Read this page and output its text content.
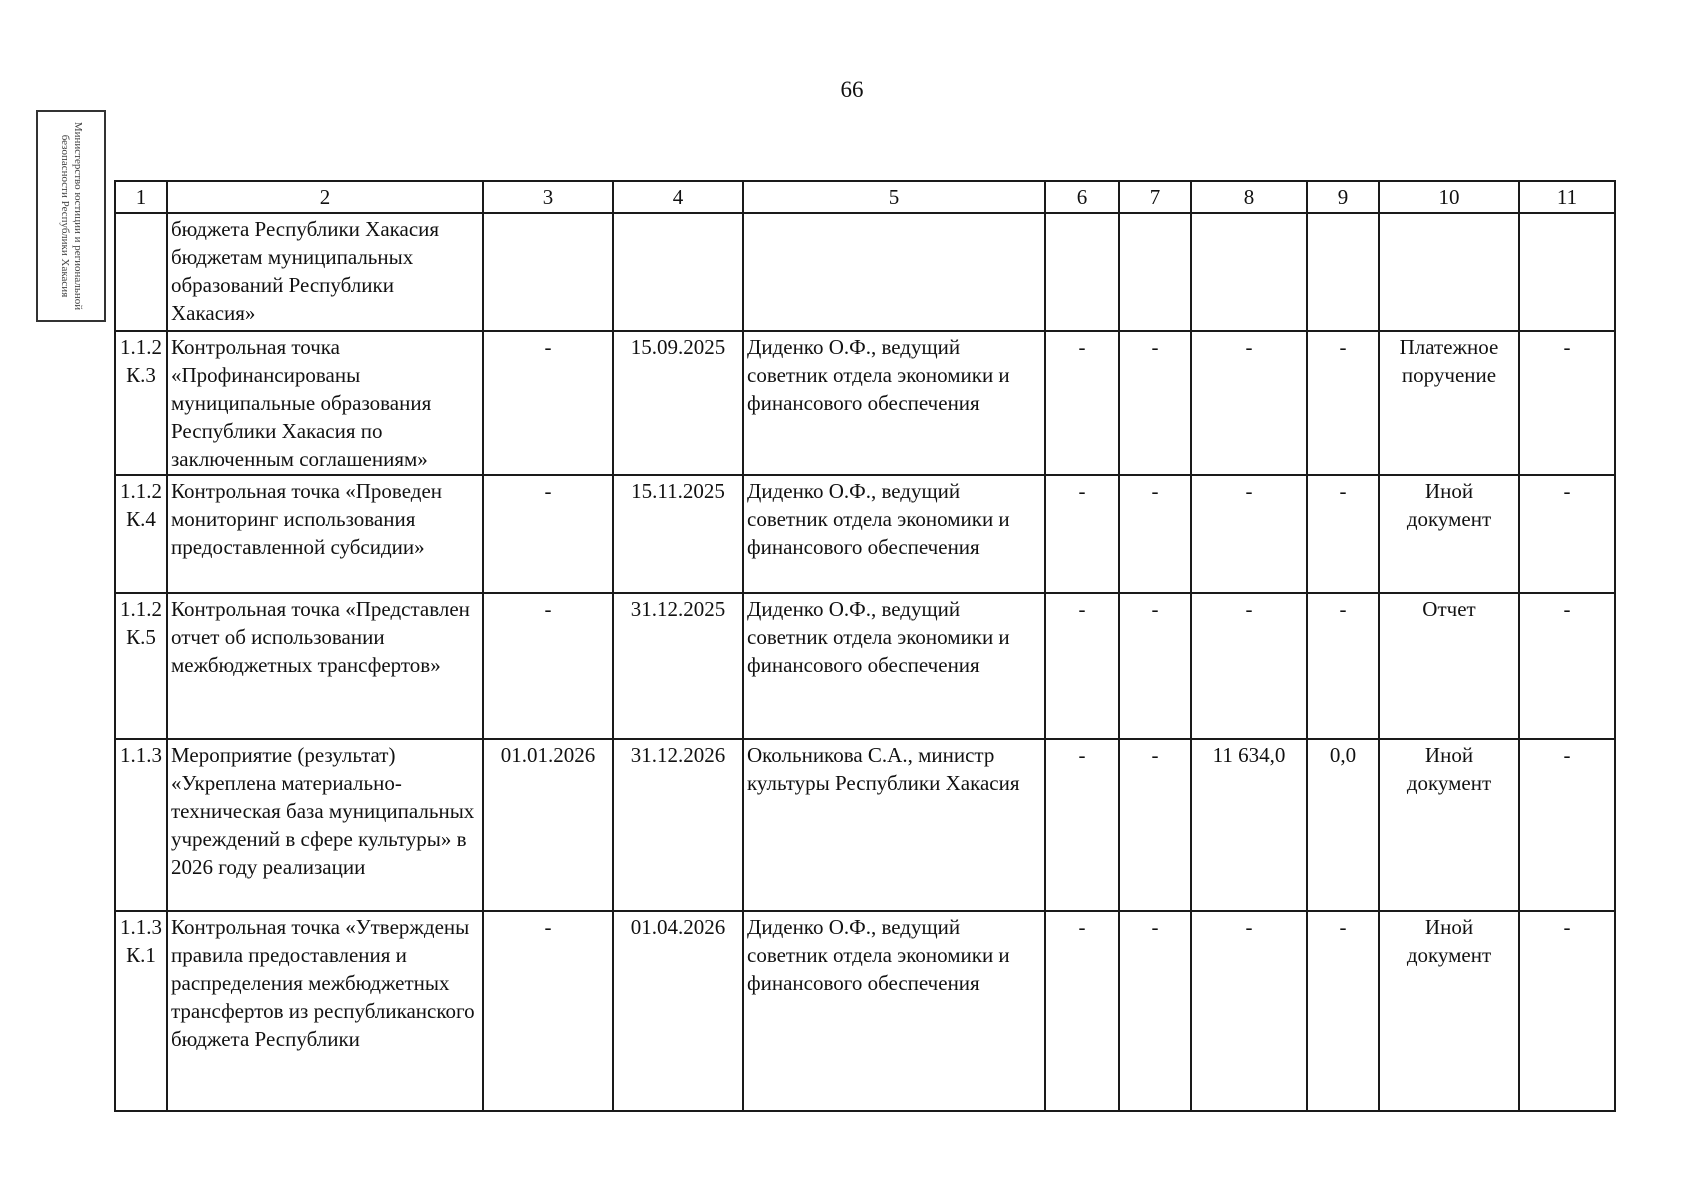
66
Министерство юстиции и региональной безопасности Республики Хакасия	1	2	3	4	5	6	7	8	9	10	11
	бюджета Республики Хакасия бюджетам муниципальных образований Республики Хакасия»									
1.1.2 К.3	Контрольная точка «Профинансированы муниципальные образования Республики Хакасия по заключенным соглашениям»	-	15.09.2025	Диденко О.Ф., ведущий советник отдела экономики и финансового обеспечения	-	-	-	-	Платежное поручение	-
1.1.2 К.4	Контрольная точка «Проведен мониторинг использования предоставленной субсидии»	-	15.11.2025	Диденко О.Ф., ведущий советник отдела экономики и финансового обеспечения	-	-	-	-	Иной документ	-
1.1.2 К.5	Контрольная точка «Представлен отчет об использовании межбюджетных трансфертов»	-	31.12.2025	Диденко О.Ф., ведущий советник отдела экономики и финансового обеспечения	-	-	-	-	Отчет	-
1.1.3	Мероприятие (результат) «Укреплена материально-техническая база муниципальных учреждений в сфере культуры» в 2026 году реализации	01.01.2026	31.12.2026	Окольникова С.А., министр культуры Республики Хакасия	-	-	11 634,0	0,0	Иной документ	-
1.1.3 К.1	Контрольная точка «Утверждены правила предоставления и распределения межбюджетных трансфертов из республиканского бюджета Республики	-	01.04.2026	Диденко О.Ф., ведущий советник отдела экономики и финансового обеспечения	-	-	-	-	Иной документ	-
